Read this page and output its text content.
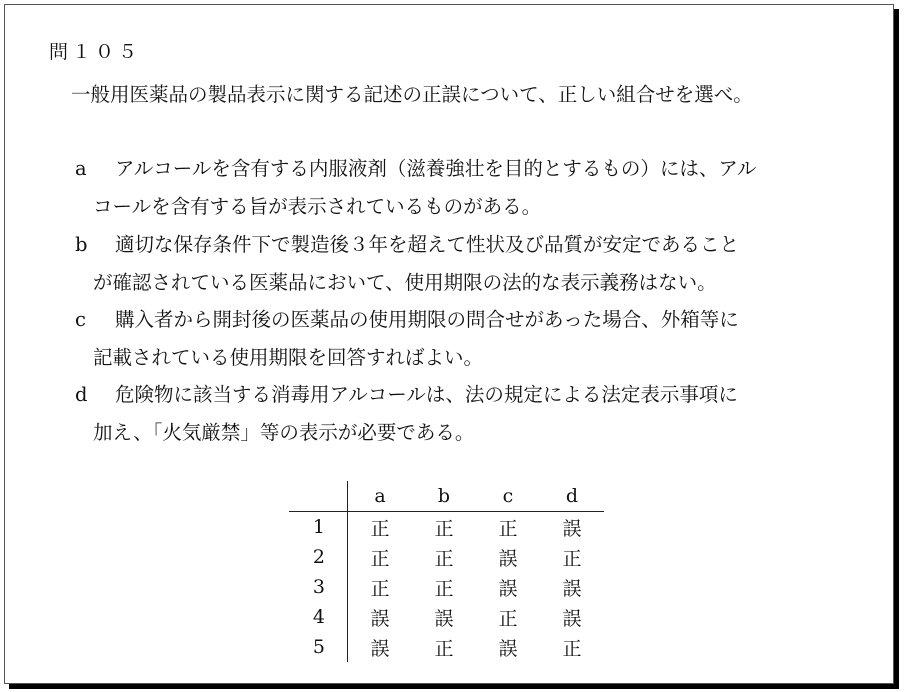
問１０５
一般用医薬品の製品表示に関する記述の正誤について、正しい組合せを選べ。
a アルコールを含有する内服液剤（滋養強壮を目的とするもの）には、アル
コールを含有する旨が表示されているものがある。
b 適切な保存条件下で製造後３年を超えて性状及び品質が安定であること
が確認されている医薬品において、使用期限の法的な表示義務はない。
c 購入者から開封後の医薬品の使用期限の問合せがあった場合、外箱等に
記載されている使用期限を回答すればよい。
d 危険物に該当する消毒用アルコールは、法の規定による法定表示事項に
加え、「火気厳禁」等の表示が必要である。
	a	b	c	d
1	正	正	正	誤
2	正	正	誤	正
3	正	正	誤	誤
4	誤	誤	正	誤
5	誤	正	誤	正
